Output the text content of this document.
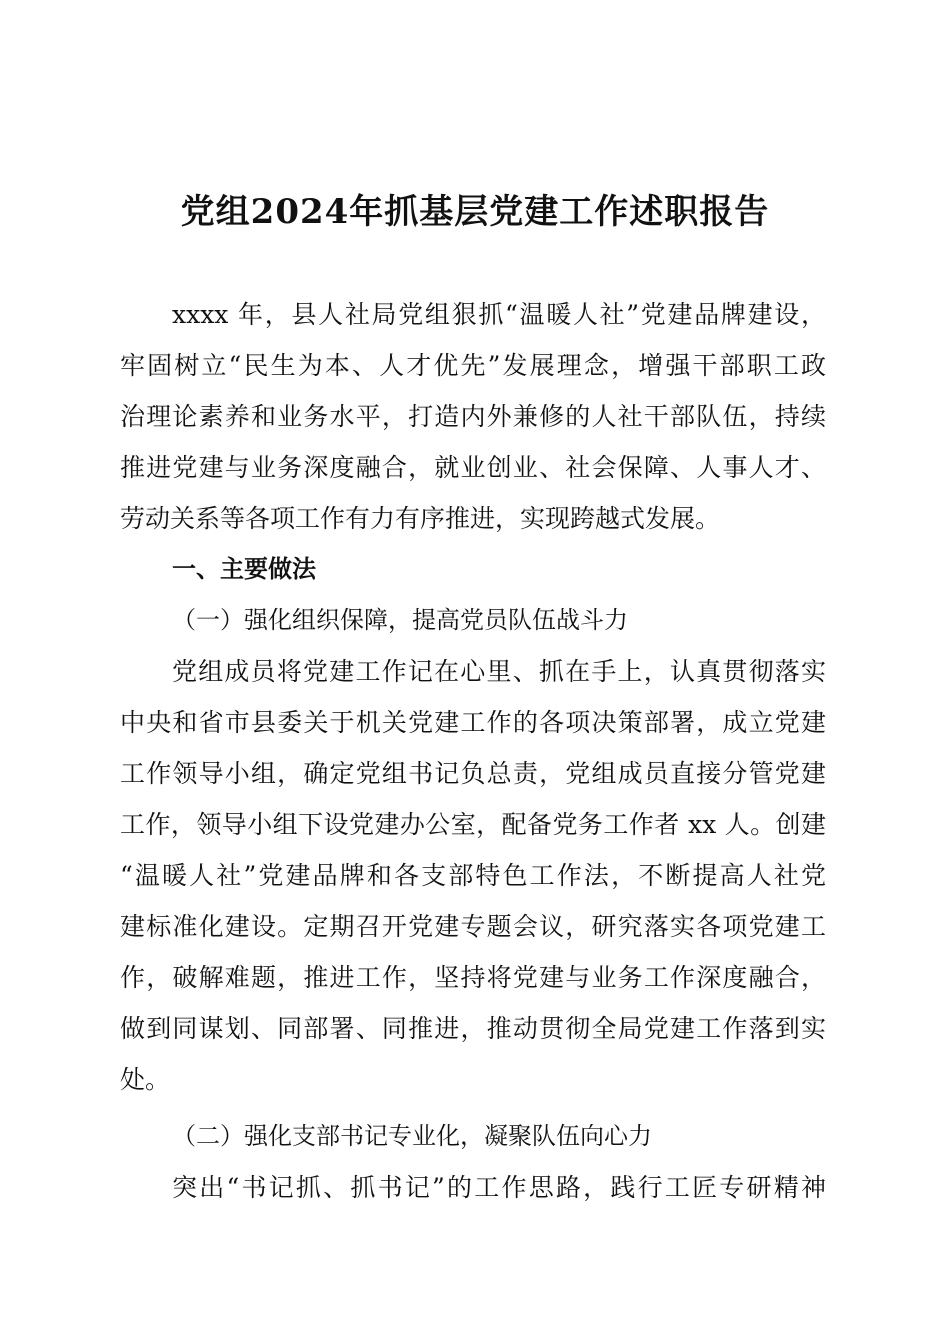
党组2024年抓基层党建工作述职报告
xxxx 年，县人社局党组狠抓“温暖人社”党建品牌建设，
牢固树立“民生为本、人才优先”发展理念，增强干部职工政
治理论素养和业务水平，打造内外兼修的人社干部队伍，持续
推进党建与业务深度融合，就业创业、社会保障、人事人才、
劳动关系等各项工作有力有序推进，实现跨越式发展。
一、主要做法
（一）强化组织保障，提高党员队伍战斗力
党组成员将党建工作记在心里、抓在手上，认真贯彻落实
中央和省市县委关于机关党建工作的各项决策部署，成立党建
工作领导小组，确定党组书记负总责，党组成员直接分管党建
工作，领导小组下设党建办公室，配备党务工作者 xx 人。创建
“温暖人社”党建品牌和各支部特色工作法，不断提高人社党
建标准化建设。定期召开党建专题会议，研究落实各项党建工
作，破解难题，推进工作，坚持将党建与业务工作深度融合，
做到同谋划、同部署、同推进，推动贯彻全局党建工作落到实
处。
（二）强化支部书记专业化，凝聚队伍向心力
突出“书记抓、抓书记”的工作思路，践行工匠专研精神
